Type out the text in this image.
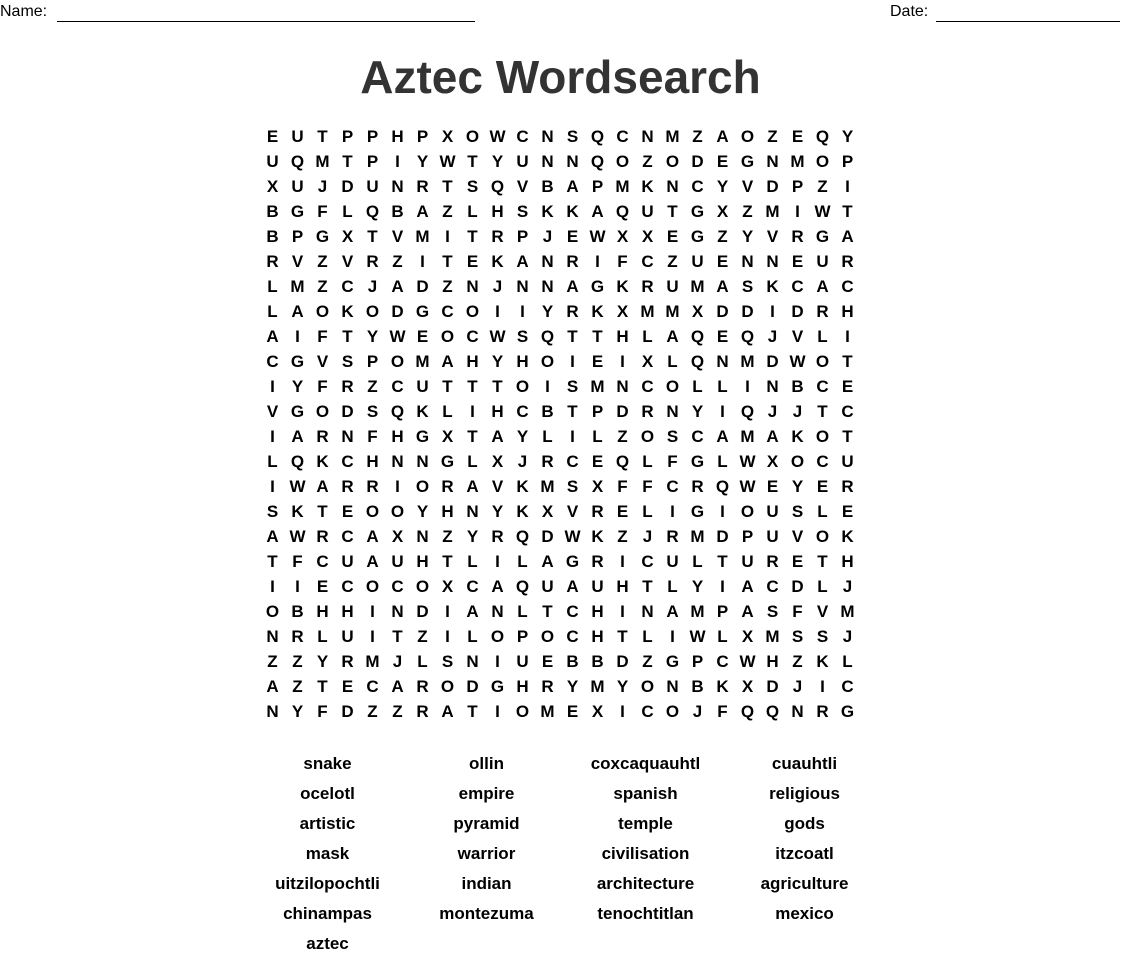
Name:	Date:
Aztec Wordsearch
E U T P P H P X O W C N S Q C N M Z A O Z E Q Y
U Q M T P I Y W T Y U N N Q O Z O D E G N M O P
X U J D U N R T S Q V B A P M K N C Y V D P Z	I
B G F L Q B A Z L H S K K A Q U T G X Z M I W T
B P G X T V M I	T R P J E W X X E G Z Y V R G A
R V Z V R Z	I	T E K A N R I	F C Z U E N N E U R
L M Z C J A D Z N J N N A G K R U M A S K C A C
L A O K O D G C O I	I Y R K X M M X D D I D R H
A I	F T Y W E O C W S Q T T H L A Q E Q J V L	I
C G V S P O M A H Y H O I E I X L Q N M D W O T
I Y F R Z C U T T T O I S M N C O L L	I N B C E
V G O D S Q K L	I H C B T P D R N Y I Q J J T C
I A R N F H G X T A Y L	I	L Z O S C A M A K O T
L Q K C H N N G L X J R C E Q L F G L W X O C U
I W A R R I O R A V K M S X F F C R Q W E Y E R
S K T E O O Y H N Y K X V R E L	I G I O U S L E
A W R C A X N Z Y R Q D W K Z J R M D P U V O K
T F C U A U H T L	I	L A G R I C U L T U R E T H
I	I E C O C O X C A Q U A U H T L Y I A C D L J
O B H H I N D I A N L T C H I N A M P A S F V M
N R L U I	T Z	I	L O P O C H T L	I W L X M S S J
Z Z Y R M J L S N I U E B B D Z G P C W H Z K L
A Z T E C A R O D G H R Y M Y O N B K X D J	I C
N Y F D Z Z R A T	I O M E X I C O J F Q Q N R G
snake	ollin	coxcaquauhtl	cuauhtli
ocelotl	empire	spanish	religious
artistic	pyramid	temple	gods
mask	warrior	civilisation	itzcoatl
uitzilopochtli	indian	architecture	agriculture
chinampas	montezuma	tenochtitlan	mexico
aztec
